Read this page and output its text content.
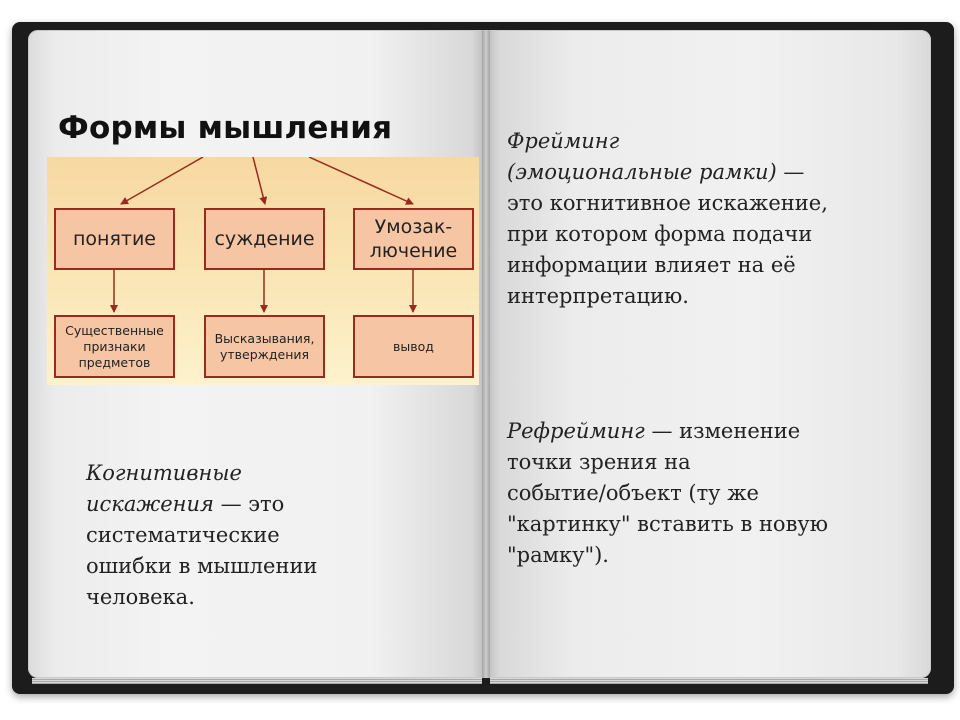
Формы мышления
понятие	суждение
Умозак-
лючение
Существенные
признаки
предметов
Высказывания,
утверждения
вывод

Когнитивные
искажения — это
систематические
ошибки в мышлении
человека.

Фрейминг
(эмоциональные рамки) —
это когнитивное искажение,
при котором форма подачи
информации влияет на её
интерпретацию.

Рефрейминг — изменение
точки зрения на
событие/объект (ту же
"картинку" вставить в новую
"рамку").
